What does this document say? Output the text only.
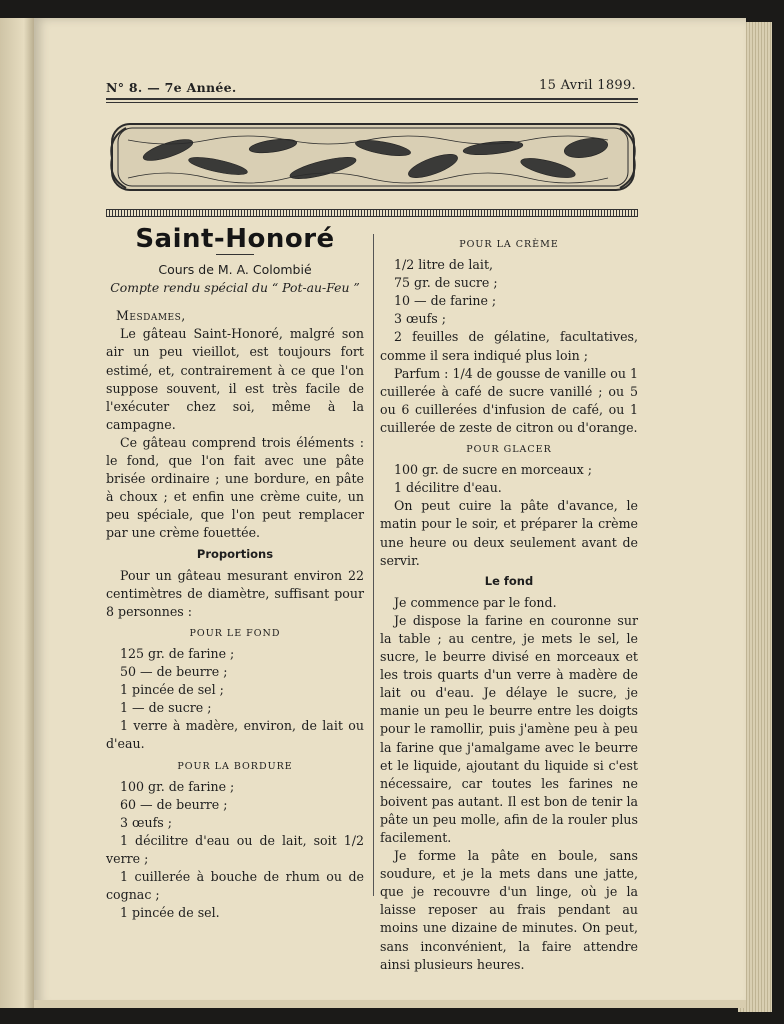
N° 8. — 7e Année.	15 Avril 1899.
Saint-Honoré

Cours de M. A. Colombié

Compte rendu spécial du “ Pot-au-Feu ”

Mesdames,

Le gâteau Saint-Honoré, malgré son air un peu vieillot, est toujours fort estimé, et, contrairement à ce que l'on suppose souvent, il est très facile de l'exécuter chez soi, même à la campagne.

Ce gâteau comprend trois éléments : le fond, que l'on fait avec une pâte brisée ordinaire ; une bordure, en pâte à choux ; et enfin une crème cuite, un peu spéciale, que l'on peut remplacer par une crème fouettée.

Proportions

Pour un gâteau mesurant environ 22 centimètres de diamètre, suffisant pour 8 personnes :

POUR LE FOND

125 gr. de farine ;

50 — de beurre ;

1 pincée de sel ;

1 — de sucre ;

1 verre à madère, environ, de lait ou d'eau.

POUR LA BORDURE

100 gr. de farine ;

60 — de beurre ;

3 œufs ;

1 décilitre d'eau ou de lait, soit 1/2 verre ;

1 cuillerée à bouche de rhum ou de cognac ;

1 pincée de sel.

POUR LA CRÈME

1/2 litre de lait,

75 gr. de sucre ;

10 — de farine ;

3 œufs ;

2 feuilles de gélatine, facultatives, comme il sera indiqué plus loin ;

Parfum : 1/4 de gousse de vanille ou 1 cuillerée à café de sucre vanillé ; ou 5 ou 6 cuillerées d'infusion de café, ou 1 cuillerée de zeste de citron ou d'orange.

POUR GLACER

100 gr. de sucre en morceaux ;

1 décilitre d'eau.

On peut cuire la pâte d'avance, le matin pour le soir, et préparer la crème une heure ou deux seulement avant de servir.

Le fond

Je commence par le fond.

Je dispose la farine en couronne sur la table ; au centre, je mets le sel, le sucre, le beurre divisé en morceaux et les trois quarts d'un verre à madère de lait ou d'eau. Je délaye le sucre, je manie un peu le beurre entre les doigts pour le ramollir, puis j'amène peu à peu la farine que j'amalgame avec le beurre et le liquide, ajoutant du liquide si c'est nécessaire, car toutes les farines ne boivent pas autant. Il est bon de tenir la pâte un peu molle, afin de la rouler plus facilement.

Je forme la pâte en boule, sans soudure, et je la mets dans une jatte, que je recouvre d'un linge, où je la laisse reposer au frais pendant au moins une dizaine de minutes. On peut, sans inconvénient, la faire attendre ainsi plusieurs heures.
